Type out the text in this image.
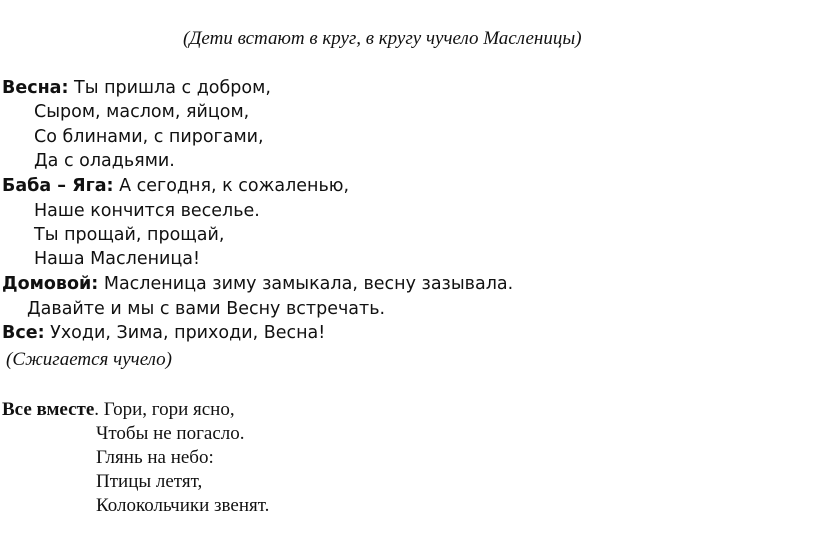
(Дети встают в круг, в кругу чучело Масленицы)
Весна: Ты пришла с добром,
Сыром, маслом, яйцом,
Со блинами, с пирогами,
Да с оладьями.
Баба – Яга: А сегодня, к сожаленью,
Наше кончится веселье.
Ты прощай, прощай,
Наша Масленица!
Домовой: Масленица зиму замыкала, весну зазывала.
Давайте и мы с вами Весну встречать.
Все: Уходи, Зима, приходи, Весна!
(Сжигается чучело)
Все вместе. Гори, гори ясно,
Чтобы не погасло.
Глянь на небо:
Птицы летят,
Колокольчики звенят.
